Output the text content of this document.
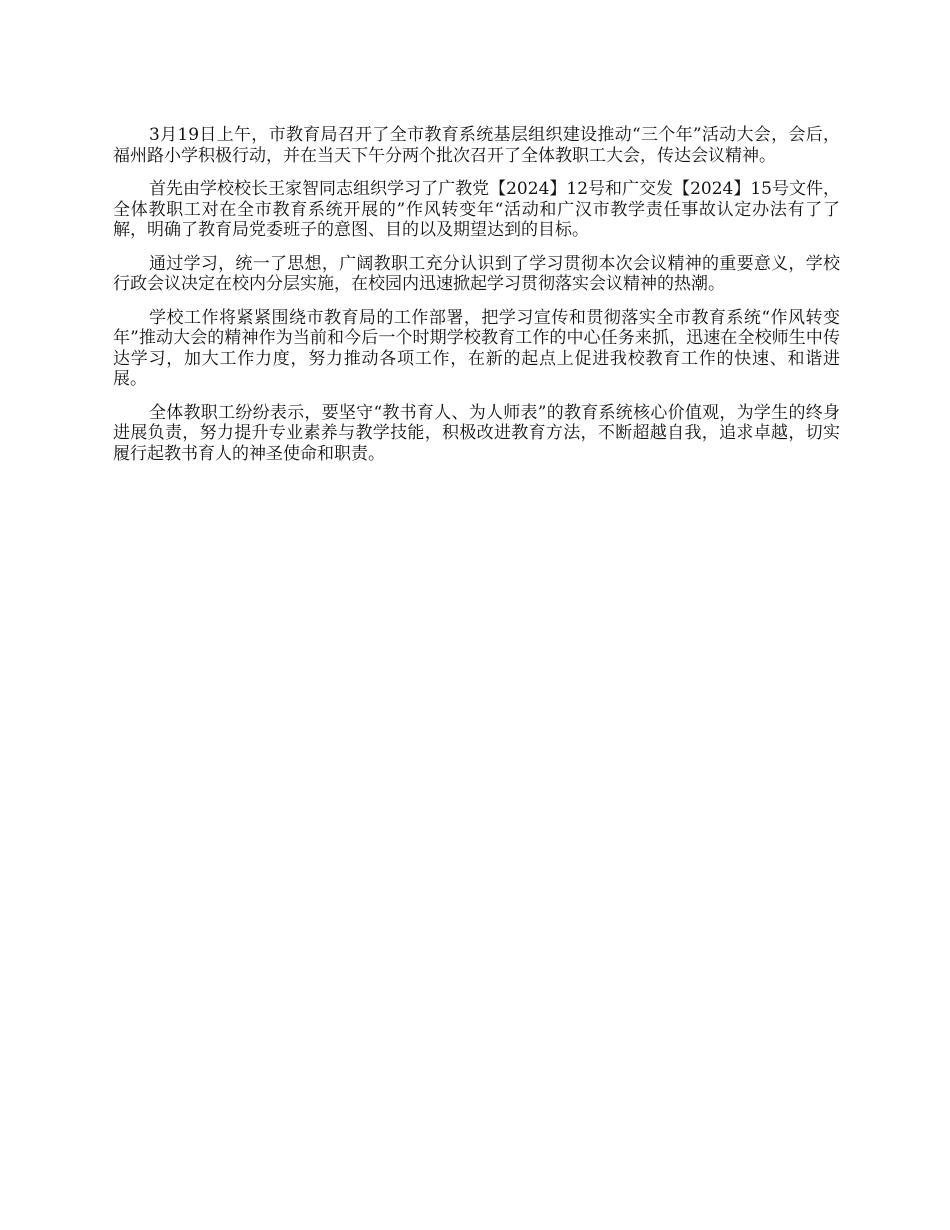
3月19日上午，市教育局召开了全市教育系统基层组织建设推动“三个年”活动大会，会后，福州路小学积极行动，并在当天下午分两个批次召开了全体教职工大会，传达会议精神。

首先由学校校长王家智同志组织学习了广教党【2024】12号和广交发【2024】15号文件，全体教职工对在全市教育系统开展的”作风转变年“活动和广汉市教学责任事故认定办法有了了解，明确了教育局党委班子的意图、目的以及期望达到的目标。

通过学习，统一了思想，广阔教职工充分认识到了学习贯彻本次会议精神的重要意义，学校行政会议决定在校内分层实施，在校园内迅速掀起学习贯彻落实会议精神的热潮。

学校工作将紧紧围绕市教育局的工作部署，把学习宣传和贯彻落实全市教育系统“作风转变年”推动大会的精神作为当前和今后一个时期学校教育工作的中心任务来抓，迅速在全校师生中传达学习，加大工作力度，努力推动各项工作，在新的起点上促进我校教育工作的快速、和谐进展。

全体教职工纷纷表示，要坚守“教书育人、为人师表”的教育系统核心价值观，为学生的终身进展负责，努力提升专业素养与教学技能，积极改进教育方法，不断超越自我，追求卓越，切实履行起教书育人的神圣使命和职责。
